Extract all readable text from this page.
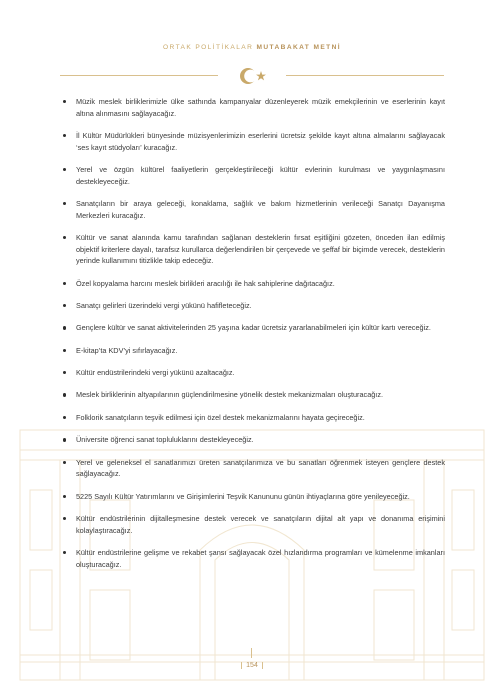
ORTAK POLİTİKALAR MUTABAKAT METNİ
Müzik meslek birliklerimizle ülke sathında kampanyalar düzenleyerek müzik emekçilerinin ve eserlerinin kayıt altına alınmasını sağlayacağız.
İl Kültür Müdürlükleri bünyesinde müzisyenlerimizin eserlerini ücretsiz şekilde kayıt altına almalarını sağlayacak ‘ses kayıt stüdyoları’ kuracağız.
Yerel ve özgün kültürel faaliyetlerin gerçekleştirileceği kültür evlerinin kurulması ve yaygınlaşmasını destekleyeceğiz.
Sanatçıların bir araya geleceği, konaklama, sağlık ve bakım hizmetlerinin verileceği Sanatçı Dayanışma Merkezleri kuracağız.
Kültür ve sanat alanında kamu tarafından sağlanan desteklerin fırsat eşitliğini gözeten, önceden ilan edilmiş objektif kriterlere dayalı, tarafsız kurullarca değerlendirilen bir çerçevede ve şeffaf bir biçimde verecek, desteklerin yerinde kullanımını titizlikle takip edeceğiz.
Özel kopyalama harcını meslek birlikleri aracılığı ile hak sahiplerine dağıtacağız.
Sanatçı gelirleri üzerindeki vergi yükünü hafifleteceğiz.
Gençlere kültür ve sanat aktivitelerinden 25 yaşına kadar ücretsiz yararlanabilmeleri için kültür kartı vereceğiz.
E-kitap’ta KDV’yi sıfırlayacağız.
Kültür endüstrilerindeki vergi yükünü azaltacağız.
Meslek birliklerinin altyapılarının güçlendirilmesine yönelik destek mekanizmaları oluşturacağız.
Folklorik sanatçıların teşvik edilmesi için özel destek mekanizmalarını hayata geçireceğiz.
Üniversite öğrenci sanat topluluklarını destekleyeceğiz.
Yerel ve geleneksel el sanatlarımızı üreten sanatçılarımıza ve bu sanatları öğrenmek isteyen gençlere destek sağlayacağız.
5225 Sayılı Kültür Yatırımlarını ve Girişimlerini Teşvik Kanununu günün ihtiyaçlarına göre yenileyeceğiz.
Kültür endüstrilerinin dijitalleşmesine destek verecek ve sanatçıların dijital alt yapı ve donanıma erişimini kolaylaştıracağız.
Kültür endüstrilerine gelişme ve rekabet şansı sağlayacak özel hızlandırma programları ve kümelenme imkanları oluşturacağız.
154
